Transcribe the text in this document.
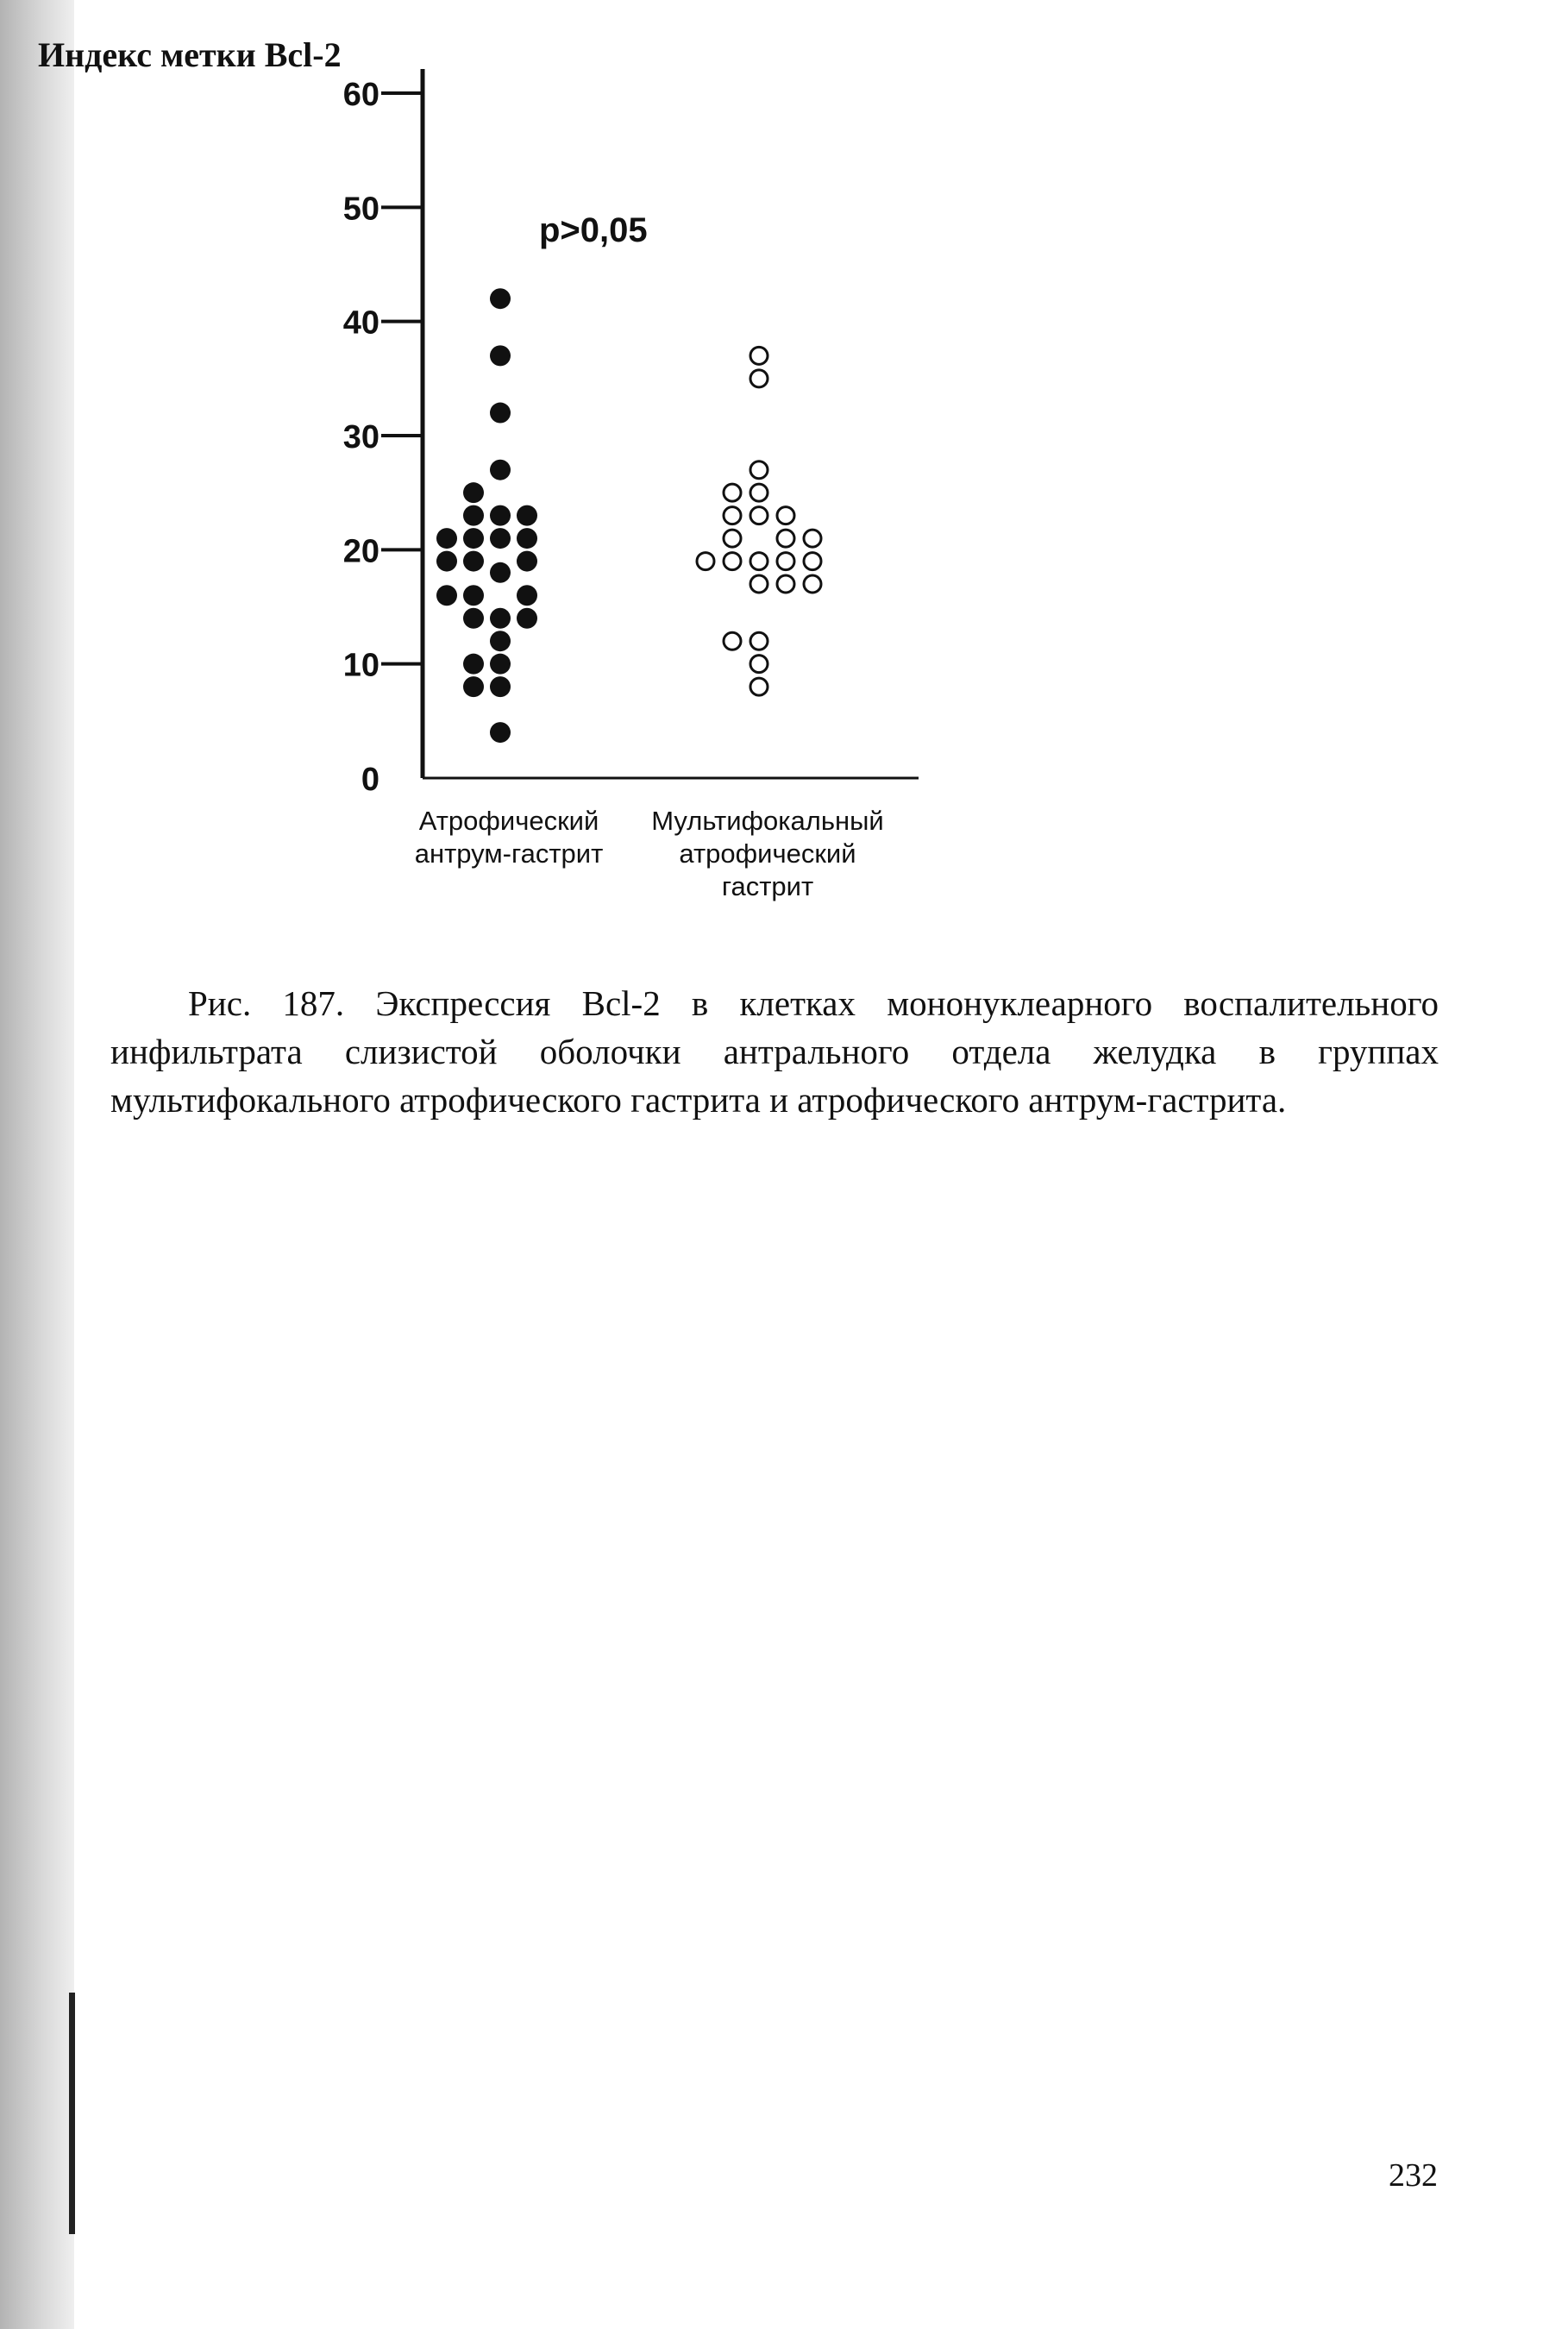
Индекс метки Bcl-2
0
10
20
30
40
50
60
Атрофический
антрум-гастрит
Мультифокальный
атрофический
гастрит
p>0,05
Рис. 187. Экспрессия Bcl-2 в клетках мононуклеарного воспалительного инфильтрата слизистой оболочки антрального отдела желудка в группах мультифокального атрофического гастрита и атрофического антрум-гастрита.
232
